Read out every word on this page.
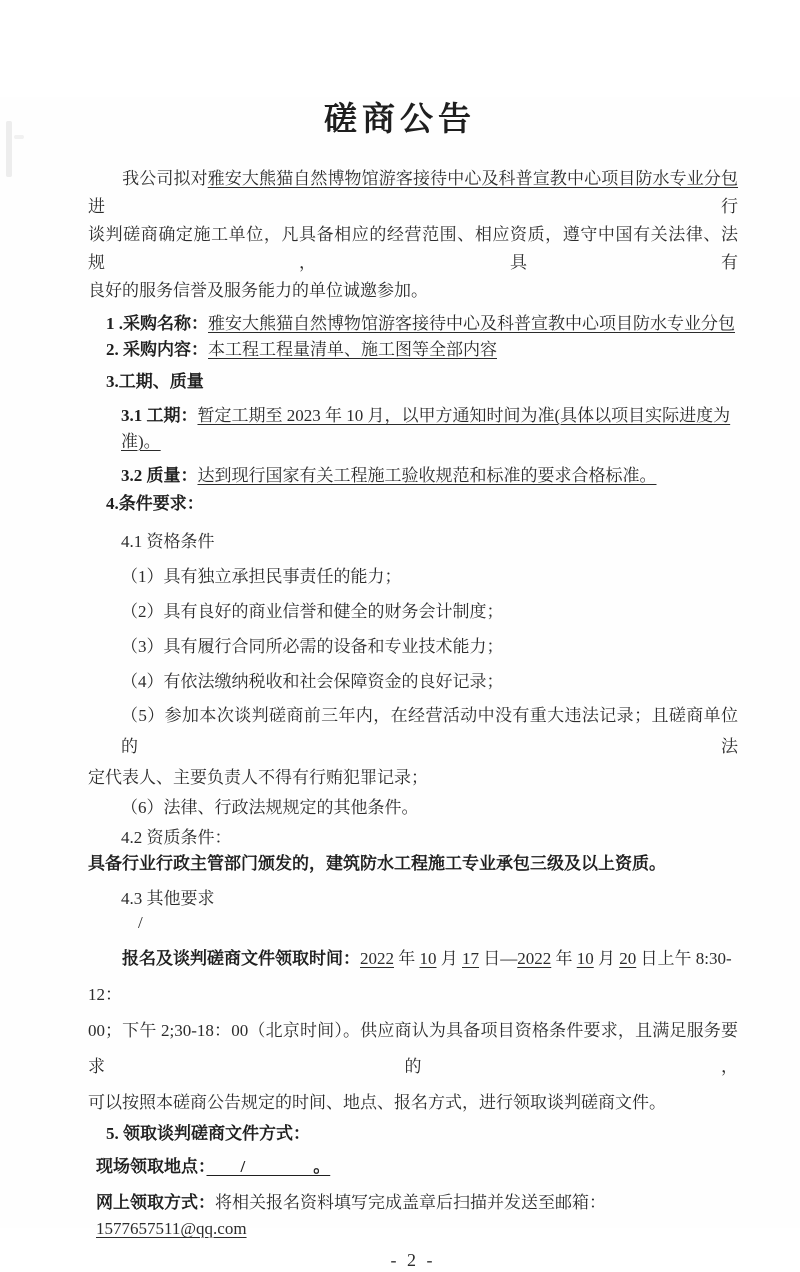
磋商公告
我公司拟对雅安大熊猫自然博物馆游客接待中心及科普宣教中心项目防水专业分包进行
谈判磋商确定施工单位，凡具备相应的经营范围、相应资质，遵守中国有关法律、法规，具有
良好的服务信誉及服务能力的单位诚邀参加。
1 .采购名称：雅安大熊猫自然博物馆游客接待中心及科普宣教中心项目防水专业分包
2. 采购内容：本工程工程量清单、施工图等全部内容
3.工期、质量
3.1 工期：暂定工期至 2023 年 10 月，以甲方通知时间为准(具体以项目实际进度为准)。
3.2 质量：达到现行国家有关工程施工验收规范和标准的要求合格标准。
4.条件要求：
4.1 资格条件
（1）具有独立承担民事责任的能力；
（2）具有良好的商业信誉和健全的财务会计制度；
（3）具有履行合同所必需的设备和专业技术能力；
（4）有依法缴纳税收和社会保障资金的良好记录；
（5）参加本次谈判磋商前三年内，在经营活动中没有重大违法记录；且磋商单位的法
定代表人、主要负责人不得有行贿犯罪记录；
（6）法律、行政法规规定的其他条件。
4.2 资质条件：
具备行业行政主管部门颁发的，建筑防水工程施工专业承包三级及以上资质。
4.3 其他要求
/
报名及谈判磋商文件领取时间：2022 年 10 月 17 日—2022 年 10 月 20 日上午 8:30-12：
00；下午 2;30-18：00（北京时间）。供应商认为具备项目资格条件要求，且满足服务要求的，
可以按照本磋商公告规定的时间、地点、报名方式，进行领取谈判磋商文件。
5. 领取谈判磋商文件方式：
现场领取地点：　　/　　　　。
网上领取方式：将相关报名资料填写完成盖章后扫描并发送至邮箱： 1577657511@qq.com
- 2 -
